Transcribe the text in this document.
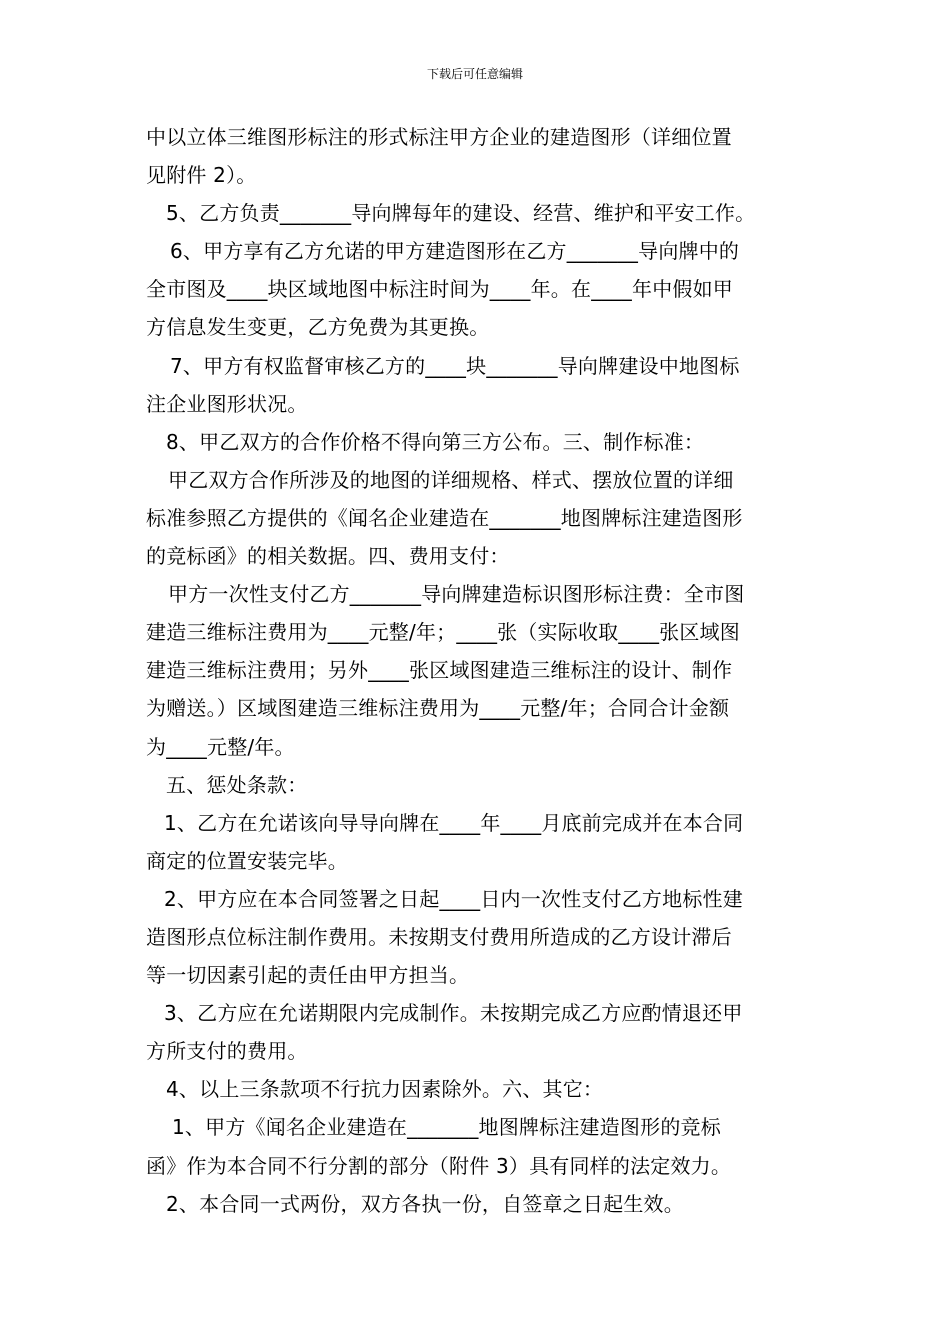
下载后可任意编辑
中以立体三维图形标注的形式标注甲方企业的建造图形（详细位置
见附件 2）。
5、乙方负责_______导向牌每年的建设、经营、维护和平安工作。
6、甲方享有乙方允诺的甲方建造图形在乙方_______导向牌中的
全市图及____块区域地图中标注时间为____年。在____年中假如甲
方信息发生变更，乙方免费为其更换。
7、甲方有权监督审核乙方的____块_______导向牌建设中地图标
注企业图形状况。
8、甲乙双方的合作价格不得向第三方公布。三、制作标准：
甲乙双方合作所涉及的地图的详细规格、样式、摆放位置的详细
标准参照乙方提供的《闻名企业建造在_______地图牌标注建造图形
的竞标函》的相关数据。四、费用支付：
甲方一次性支付乙方_______导向牌建造标识图形标注费：全市图
建造三维标注费用为____元整/年；____张（实际收取____张区域图
建造三维标注费用；另外____张区域图建造三维标注的设计、制作
为赠送。）区域图建造三维标注费用为____元整/年；合同合计金额
为____元整/年。
五、惩处条款：
1、乙方在允诺该向导导向牌在____年____月底前完成并在本合同
商定的位置安装完毕。
2、甲方应在本合同签署之日起____日内一次性支付乙方地标性建
造图形点位标注制作费用。未按期支付费用所造成的乙方设计滞后
等一切因素引起的责任由甲方担当。
3、乙方应在允诺期限内完成制作。未按期完成乙方应酌情退还甲
方所支付的费用。
4、以上三条款项不行抗力因素除外。六、其它：
1、甲方《闻名企业建造在_______地图牌标注建造图形的竞标
函》作为本合同不行分割的部分（附件 3）具有同样的法定效力。
2、本合同一式两份，双方各执一份，自签章之日起生效。
